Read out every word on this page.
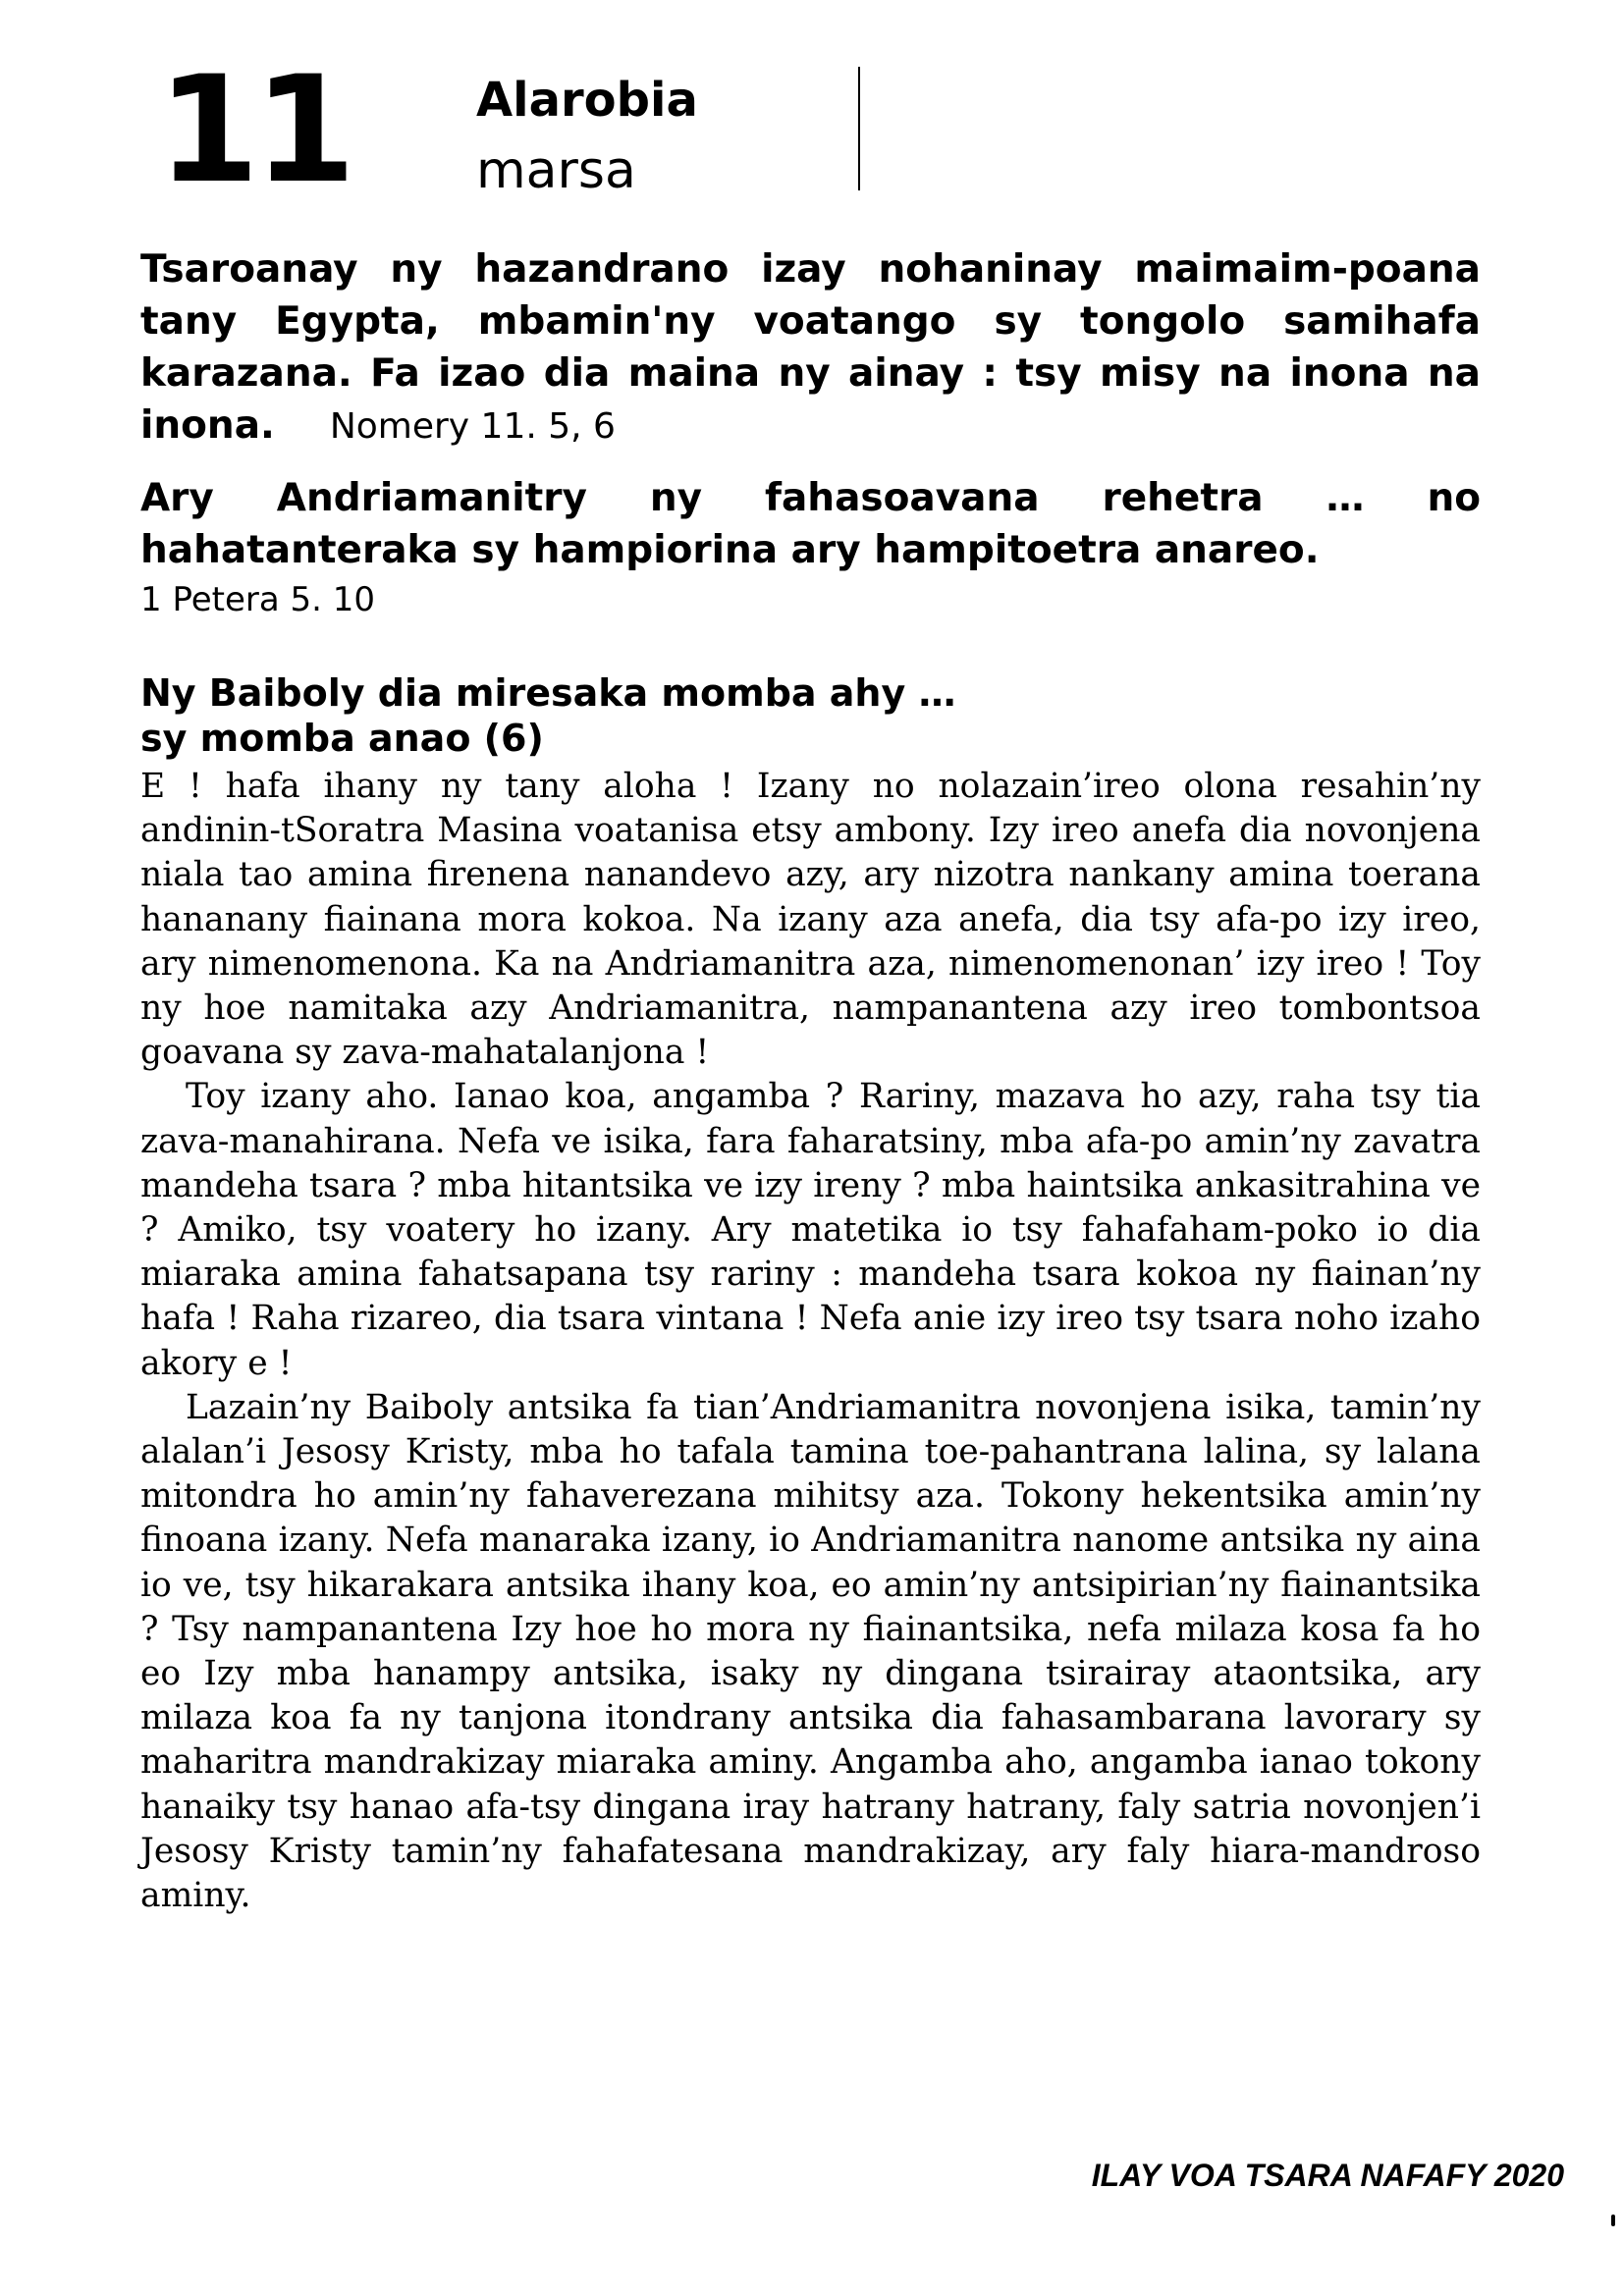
11	Alarobia
marsa

Tsaroanay ny hazandrano izay nohaninay maimaim-poana tany Egypta, mbamin'ny voatango sy tongolo samihafa karazana. Fa izao dia maina ny ainay : tsy misy na inona na inona. Nomery 11. 5, 6

Ary Andriamanitry ny fahasoavana rehetra … no hahatanteraka sy hampiorina ary hampitoetra anareo.

1 Petera 5. 10

Ny Baiboly dia miresaka momba ahy …
sy momba anao (6)

E ! hafa ihany ny tany aloha ! Izany no nolazain’ireo olona resahin’ny andinin-tSoratra Masina voatanisa etsy ambony. Izy ireo anefa dia novonjena niala tao amina firenena nanandevo azy, ary nizotra nankany amina toerana hananany fiainana mora kokoa. Na izany aza anefa, dia tsy afa-po izy ireo, ary nimenomenona. Ka na Andriamanitra aza, nimenomenonan’ izy ireo ! Toy ny hoe namitaka azy Andriamanitra, nampanantena azy ireo tombontsoa goavana sy zava-mahatalanjona !

Toy izany aho. Ianao koa, angamba ? Rariny, mazava ho azy, raha tsy tia zava-manahirana. Nefa ve isika, fara faharatsiny, mba afa-po amin’ny zavatra mandeha tsara ? mba hitantsika ve izy ireny ? mba haintsika ankasitrahina ve ? Amiko, tsy voatery ho izany. Ary matetika io tsy fahafaham-poko io dia miaraka amina fahatsapana tsy rariny : mandeha tsara kokoa ny fiainan’ny hafa ! Raha rizareo, dia tsara vintana ! Nefa anie izy ireo tsy tsara noho izaho akory e !

Lazain’ny Baiboly antsika fa tian’Andriamanitra novonjena isika, tamin’ny alalan’i Jesosy Kristy, mba ho tafala tamina toe-pahantrana lalina, sy lalana mitondra ho amin’ny fahaverezana mihitsy aza. Tokony hekentsika amin’ny finoana izany. Nefa manaraka izany, io Andriamanitra nanome antsika ny aina io ve, tsy hikarakara antsika ihany koa, eo amin’ny antsipirian’ny fiainantsika ? Tsy nampanantena Izy hoe ho mora ny fiainantsika, nefa milaza kosa fa ho eo Izy mba hanampy antsika, isaky ny dingana tsirairay ataontsika, ary milaza koa fa ny tanjona itondrany antsika dia fahasambarana lavorary sy maharitra mandrakizay miaraka aminy. Angamba aho, angamba ianao tokony hanaiky tsy hanao afa-tsy dingana iray hatrany hatrany, faly satria novonjen’i Jesosy Kristy tamin’ny fahafatesana mandrakizay, ary faly hiara-mandroso aminy.

ILAY VOA TSARA NAFAFY 2020
